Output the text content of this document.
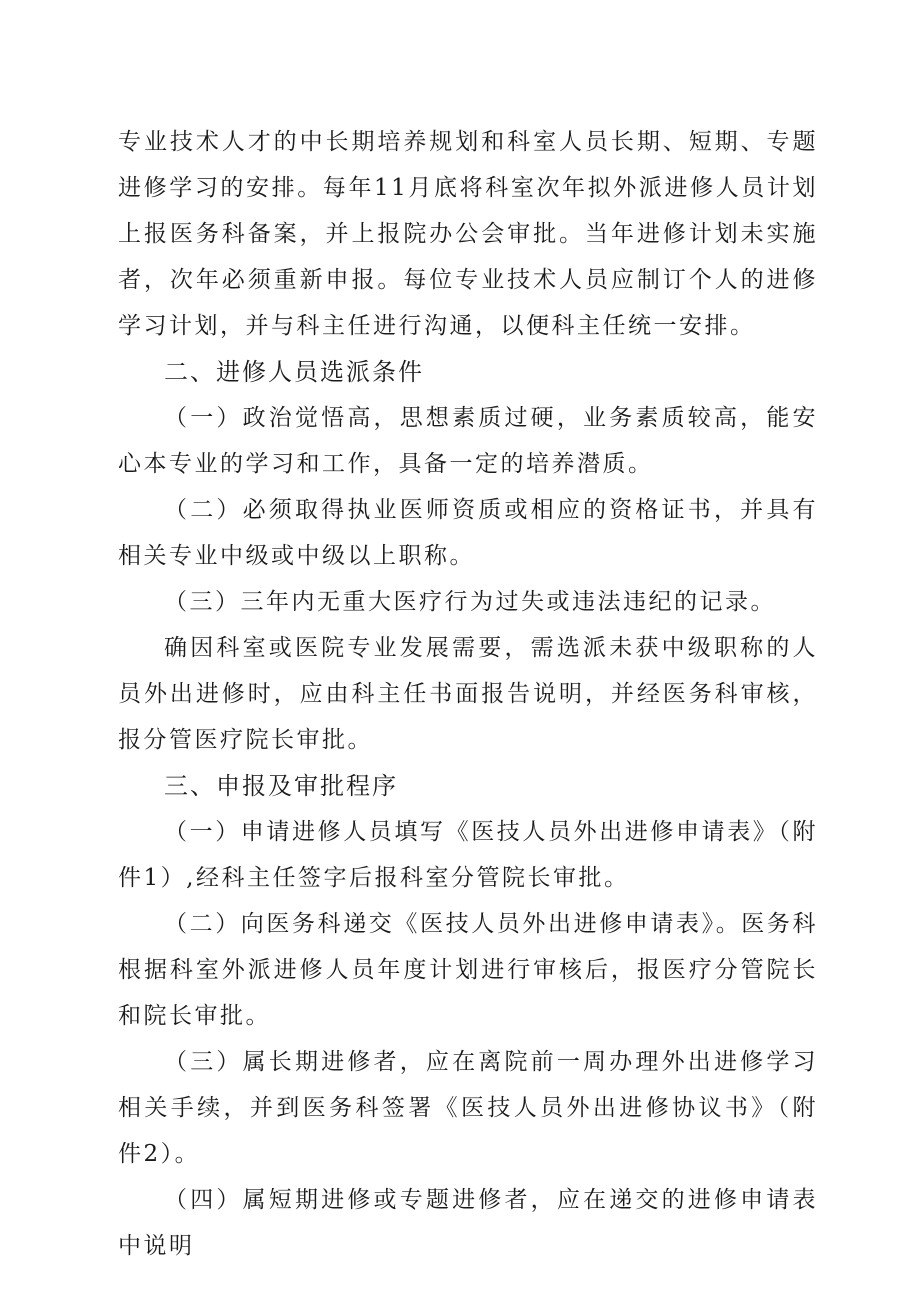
专业技术人才的中长期培养规划和科室人员长期、短期、专题进修学习的安排。每年11月底将科室次年拟外派进修人员计划上报医务科备案，并上报院办公会审批。当年进修计划未实施者，次年必须重新申报。每位专业技术人员应制订个人的进修学习计划，并与科主任进行沟通，以便科主任统一安排。

二、进修人员选派条件

（一）政治觉悟高，思想素质过硬，业务素质较高，能安心本专业的学习和工作，具备一定的培养潜质。

（二）必须取得执业医师资质或相应的资格证书，并具有相关专业中级或中级以上职称。

（三）三年内无重大医疗行为过失或违法违纪的记录。

确因科室或医院专业发展需要，需选派未获中级职称的人员外出进修时，应由科主任书面报告说明，并经医务科审核，报分管医疗院长审批。

三、申报及审批程序

（一）申请进修人员填写《医技人员外出进修申请表》（附件1）,经科主任签字后报科室分管院长审批。

（二）向医务科递交《医技人员外出进修申请表》。医务科根据科室外派进修人员年度计划进行审核后，报医疗分管院长和院长审批。

（三）属长期进修者，应在离院前一周办理外出进修学习相关手续，并到医务科签署《医技人员外出进修协议书》（附件2）。

（四）属短期进修或专题进修者，应在递交的进修申请表中说明
